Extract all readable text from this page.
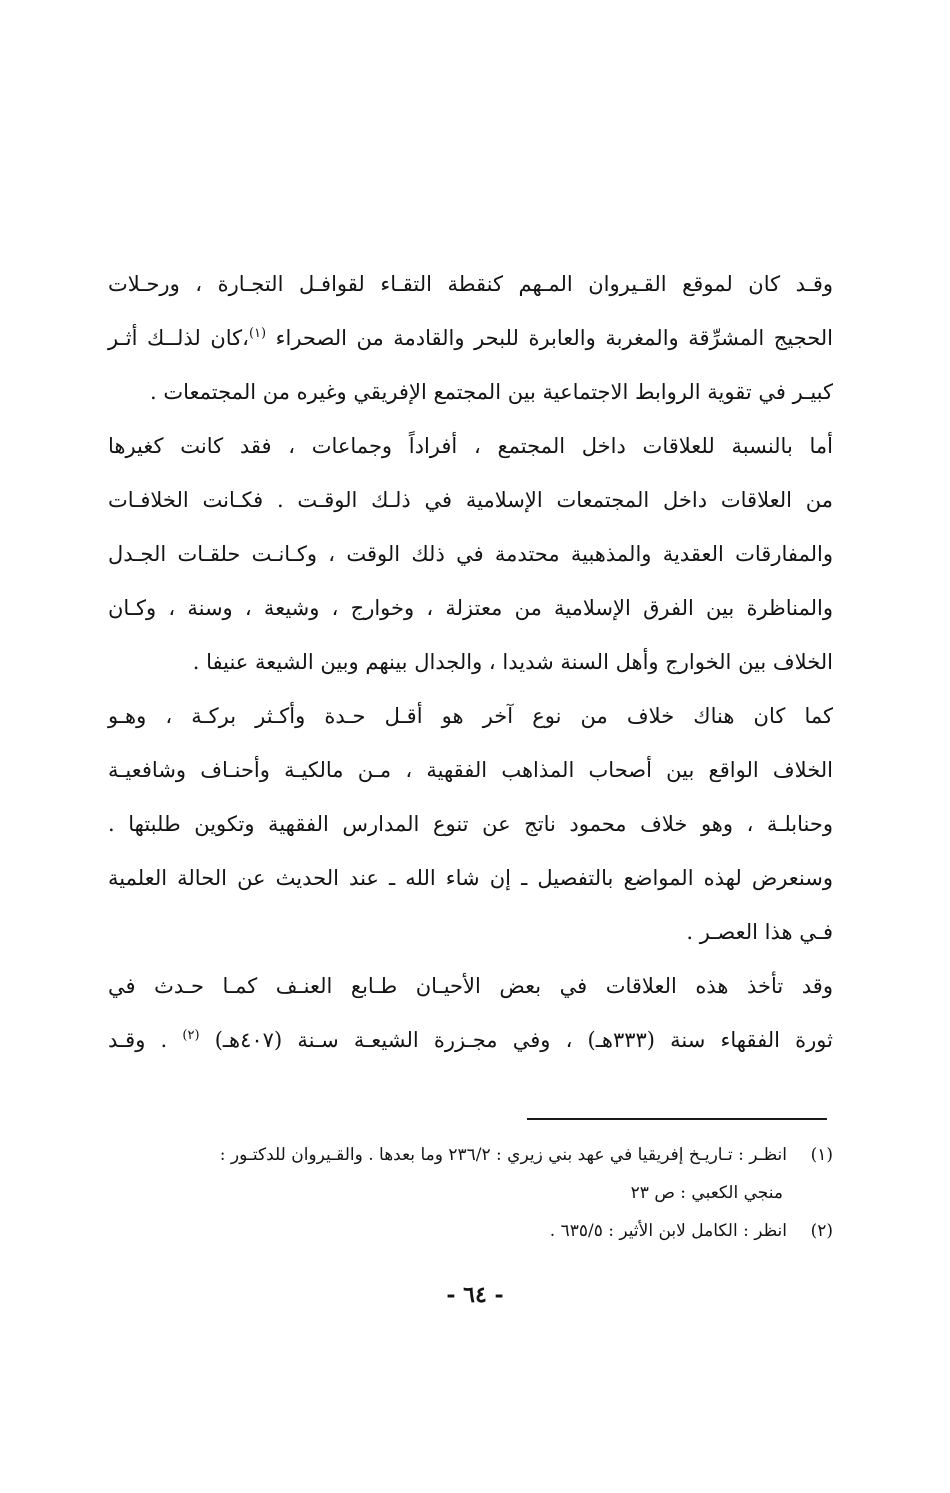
وقـد كان لموقع القـيروان المـهم كنقطة التقـاء لقوافـل التجـارة ، ورحـلات
الحجيج المشرِّقة والمغربة والعابرة للبحر والقادمة من الصحراء $^{(١)}$،كان لذلــك أثـر
كبيـر في تقوية الروابط الاجتماعية بين المجتمع الإفريقي وغيره من المجتمعات .
أما بالنسبة للعلاقات داخل المجتمع ، أفراداً وجماعات ، فقد كانت كغيرها
من العلاقات داخل المجتمعات الإسلامية في ذلـك الوقـت . فكـانت الخلافـات
والمفارقات العقدية والمذهبية محتدمة في ذلك الوقت ، وكـانـت حلقـات الجـدل
والمناظرة بين الفرق الإسلامية من معتزلة ، وخوارج ، وشيعة ، وسنة ، وكـان
الخلاف بين الخوارج وأهل السنة شديدا ، والجدال بينهم وبين الشيعة عنيفا .
كما كان هناك خلاف من نوع آخر هو أقـل حـدة وأكـثر بركـة ، وهـو
الخلاف الواقع بين أصحاب المذاهب الفقهية ، مـن مالكيـة وأحنـاف وشافعيـة
وحنابلـة ، وهو خلاف محمود ناتج عن تنوع المدارس الفقهية وتكوين طلبتها .
وسنعرض لهذه المواضع بالتفصيل ـ إن شاء الله ـ عند الحديث عن الحالة العلمية
فـي هذا العصـر .
وقد تأخذ هذه العلاقات في بعض الأحيـان طـابع العنـف كمـا حـدث في
ثورة الفقهاء سنة (٣٣٣هـ) ، وفي مجـزرة الشيعـة سـنة (٤٠٧هـ) $^{(٢)}$ . وقـد
(١)انظـر : تـاريـخ إفريقيا في عهد بني زيري : ٢٣٦/٢ وما بعدها . والقـيروان للدكتـور :
منجي الكعبي : ص ٢٣
(٢)انظر : الكامل لابن الأثير : ٦٣٥/٥ .
- ٦٤ -
